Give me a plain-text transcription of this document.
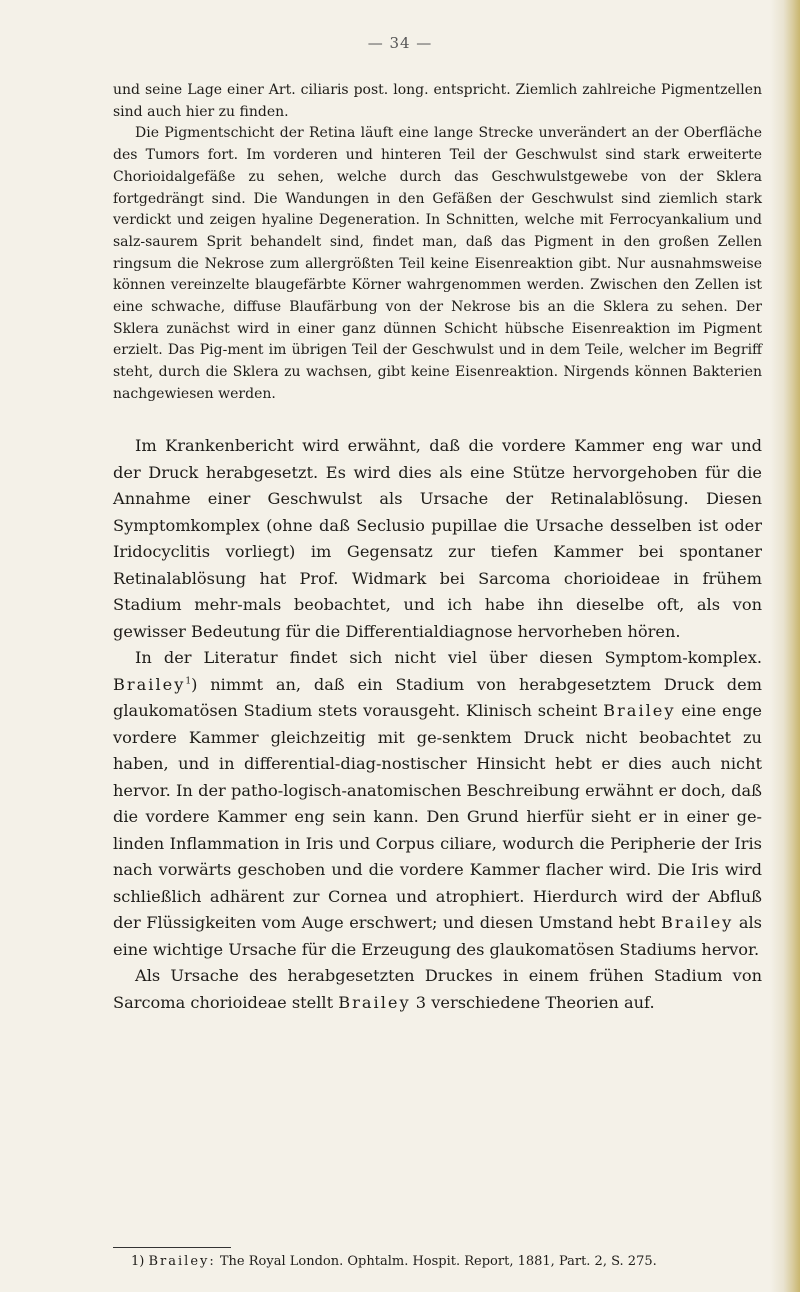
— 34 —

und seine Lage einer Art. ciliaris post. long. entspricht. Ziemlich zahlreiche Pigmentzellen sind auch hier zu finden.

Die Pigmentschicht der Retina läuft eine lange Strecke unverändert an der Oberfläche des Tumors fort. Im vorderen und hinteren Teil der Geschwulst sind stark erweiterte Chorioidalgefäße zu sehen, welche durch das Geschwulstgewebe von der Sklera fortgedrängt sind. Die Wandungen in den Gefäßen der Geschwulst sind ziemlich stark verdickt und zeigen hyaline Degeneration. In Schnitten, welche mit Ferrocyankalium und salz-saurem Sprit behandelt sind, findet man, daß das Pigment in den großen Zellen ringsum die Nekrose zum allergrößten Teil keine Eisenreaktion gibt. Nur ausnahmsweise können vereinzelte blaugefärbte Körner wahrgenommen werden. Zwischen den Zellen ist eine schwache, diffuse Blaufärbung von der Nekrose bis an die Sklera zu sehen. Der Sklera zunächst wird in einer ganz dünnen Schicht hübsche Eisenreaktion im Pigment erzielt. Das Pig-ment im übrigen Teil der Geschwulst und in dem Teile, welcher im Begriff steht, durch die Sklera zu wachsen, gibt keine Eisenreaktion. Nirgends können Bakterien nachgewiesen werden.

Im Krankenbericht wird erwähnt, daß die vordere Kammer eng war und der Druck herabgesetzt. Es wird dies als eine Stütze hervorgehoben für die Annahme einer Geschwulst als Ursache der Retinalablösung. Diesen Symptomkomplex (ohne daß Seclusio pupillae die Ursache desselben ist oder Iridocyclitis vorliegt) im Gegensatz zur tiefen Kammer bei spontaner Retinalablösung hat Prof. Widmark bei Sarcoma chorioideae in frühem Stadium mehr-mals beobachtet, und ich habe ihn dieselbe oft, als von gewisser Bedeutung für die Differentialdiagnose hervorheben hören.

In der Literatur findet sich nicht viel über diesen Symptom-komplex. Brailey$^1$) nimmt an, daß ein Stadium von herabgesetztem Druck dem glaukomatösen Stadium stets vorausgeht. Klinisch scheint Brailey eine enge vordere Kammer gleichzeitig mit ge-senktem Druck nicht beobachtet zu haben, und in differential-diag-nostischer Hinsicht hebt er dies auch nicht hervor. In der patho-logisch-anatomischen Beschreibung erwähnt er doch, daß die vordere Kammer eng sein kann. Den Grund hierfür sieht er in einer ge-linden Inflammation in Iris und Corpus ciliare, wodurch die Peripherie der Iris nach vorwärts geschoben und die vordere Kammer flacher wird. Die Iris wird schließlich adhärent zur Cornea und atrophiert. Hierdurch wird der Abfluß der Flüssigkeiten vom Auge erschwert; und diesen Umstand hebt Brailey als eine wichtige Ursache für die Erzeugung des glaukomatösen Stadiums hervor.

Als Ursache des herabgesetzten Druckes in einem frühen Stadium von Sarcoma chorioideae stellt Brailey 3 verschiedene Theorien auf.

1) Brailey: The Royal London. Ophtalm. Hospit. Report, 1881, Part. 2, S. 275.
